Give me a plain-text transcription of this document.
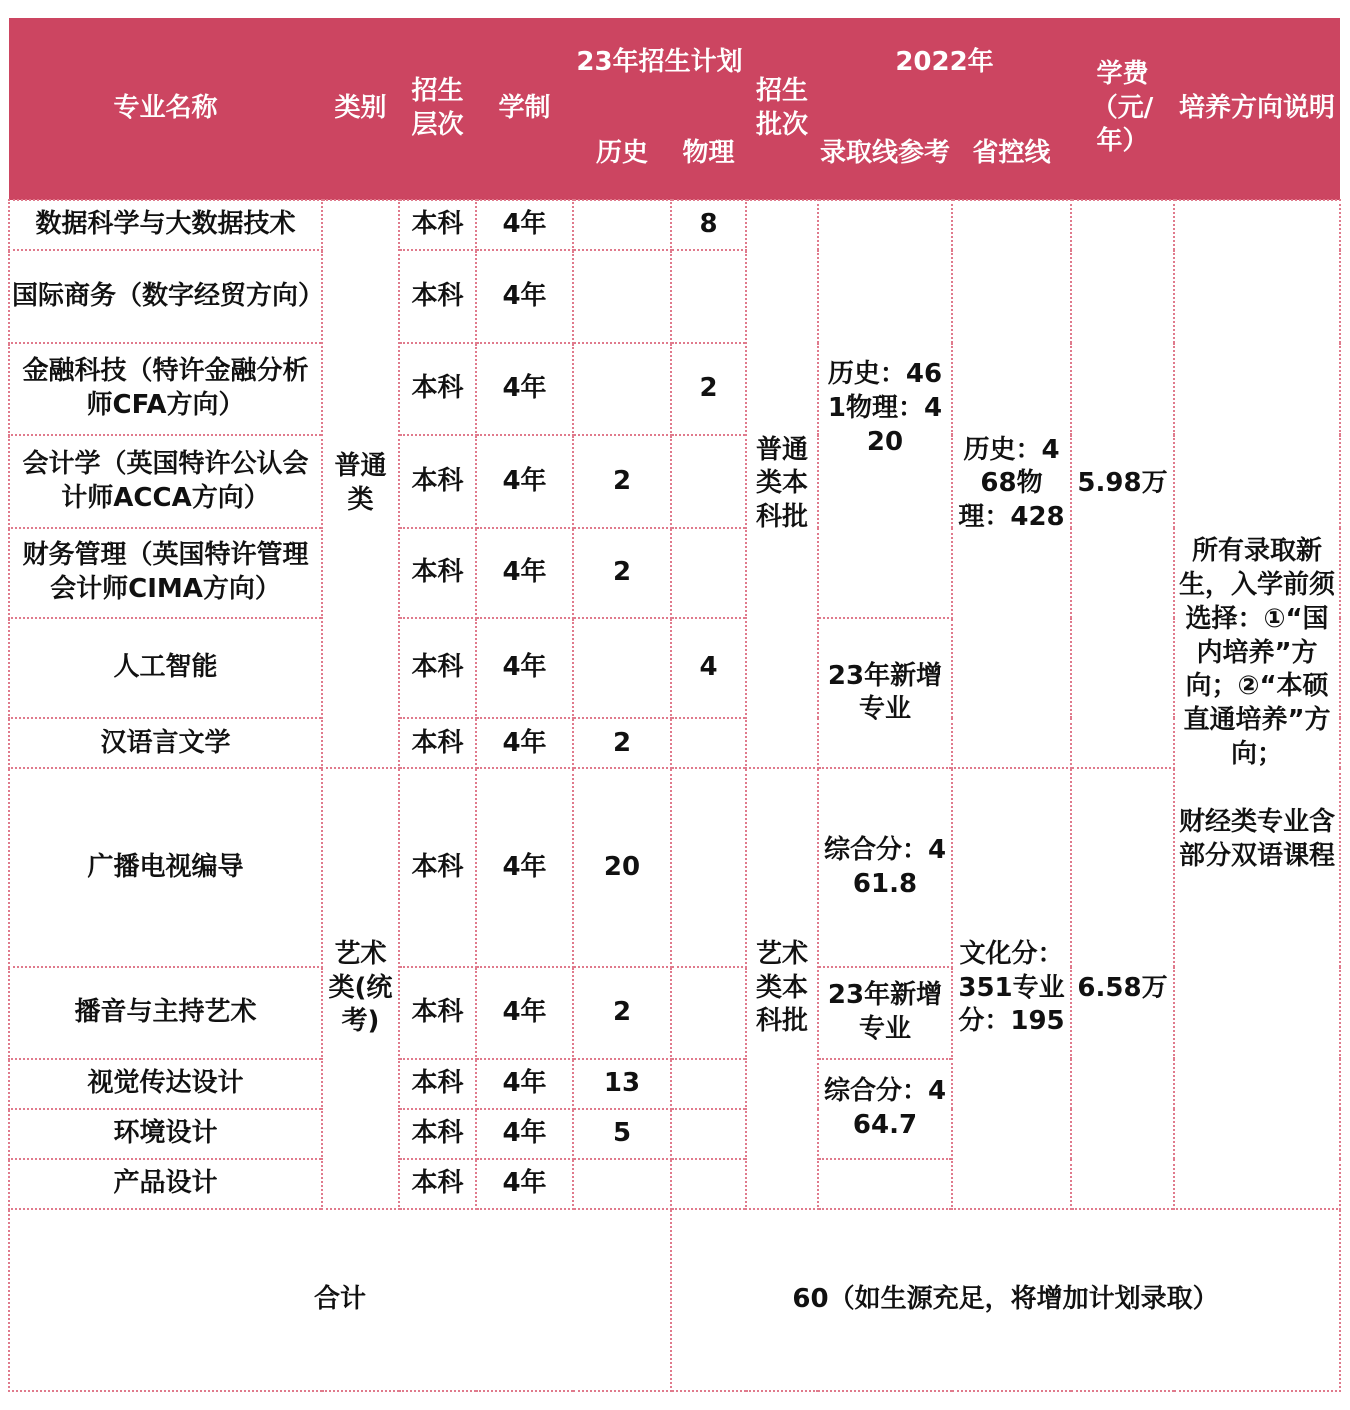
专业名称	类别	招生层次	学制	23年招生计划		招生批次	2022年		学费（元/年）	培养方向说明
				历史	物理		录取线参考	省控线		
数据科学与大数据技术	普通类	本科	4年		8	普通类本科批	历史：461物理：420	历史：468物理：428	5.98万	所有录取新生，入学前须选择：①“国内培养”方向；②“本硕直通培养”方向；
财经类专业含部分双语课程

国际商务（数字经贸方向）		本科	4年							
金融科技（特许金融分析师CFA方向）		本科	4年		2					
会计学（英国特许公认会计师ACCA方向）		本科	4年	2						
财务管理（英国特许管理会计师CIMA方向）		本科	4年	2						
人工智能		本科	4年		4		23年新增专业			
汉语言文学		本科	4年	2						
广播电视编导	艺术类(统考)	本科	4年	20		艺术类本科批	综合分：461.8	文化分：351专业分：195	6.58万	
播音与主持艺术		本科	4年	2			23年新增专业			
视觉传达设计		本科	4年	13			综合分：464.7			
环境设计		本科	4年	5						
产品设计		本科	4年							
合计					60（如生源充足，将增加计划录取）					
